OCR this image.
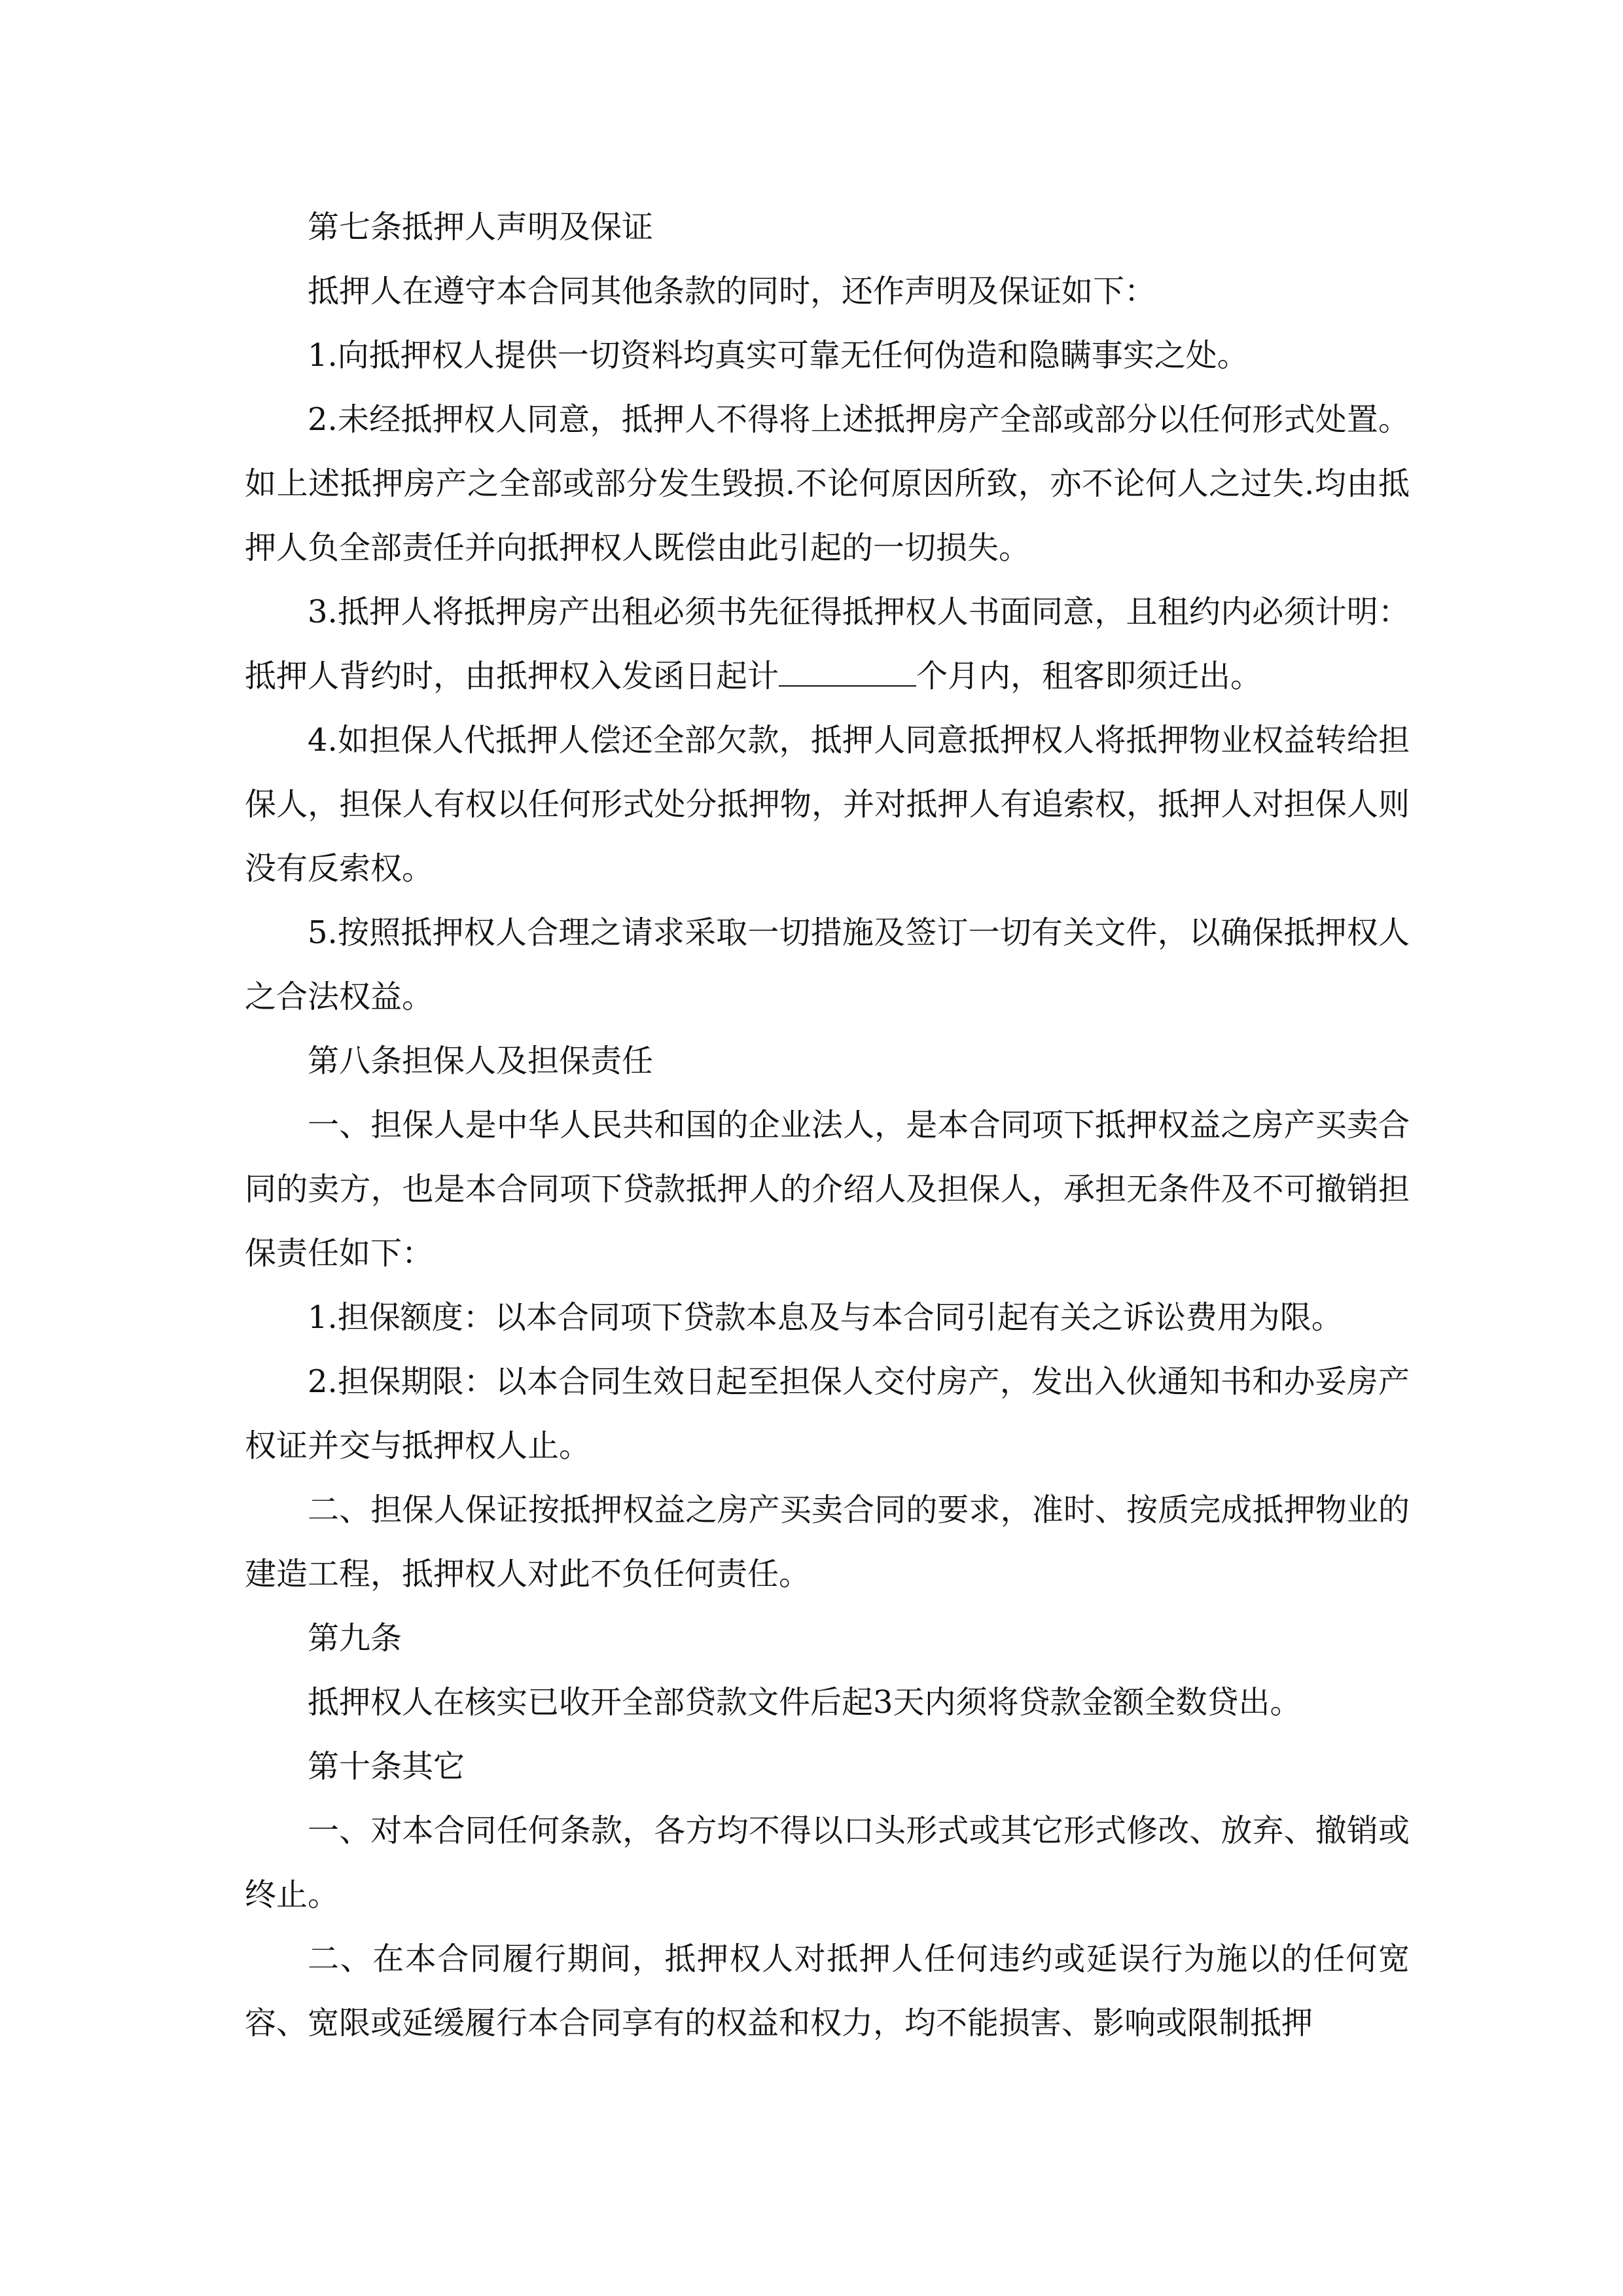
第七条抵押人声明及保证

抵押人在遵守本合同其他条款的同时，还作声明及保证如下：

1.向抵押权人提供一切资料均真实可靠无任何伪造和隐瞒事实之处。

2.未经抵押权人同意，抵押人不得将上述抵押房产全部或部分以任何形式处置。如上述抵押房产之全部或部分发生毁损.不论何原因所致，亦不论何人之过失.均由抵押人负全部责任并向抵押权人既偿由此引起的一切损失。

3.抵押人将抵押房产出租必须书先征得抵押权人书面同意，且租约内必须计明：抵押人背约时，由抵押权入发函日起计	个月内，租客即须迁出。

4.如担保人代抵押人偿还全部欠款，抵押人同意抵押权人将抵押物业权益转给担保人，担保人有权以任何形式处分抵押物，并对抵押人有追索权，抵押人对担保人则没有反索权。

5.按照抵押权人合理之请求采取一切措施及签订一切有关文件，以确保抵押权人之合法权益。

第八条担保人及担保责任

一、担保人是中华人民共和国的企业法人，是本合同项下抵押权益之房产买卖合同的卖方，也是本合同项下贷款抵押人的介绍人及担保人，承担无条件及不可撤销担保责任如下：

1.担保额度：以本合同项下贷款本息及与本合同引起有关之诉讼费用为限。

2.担保期限：以本合同生效日起至担保人交付房产，发出入伙通知书和办妥房产权证并交与抵押权人止。

二、担保人保证按抵押权益之房产买卖合同的要求，准时、按质完成抵押物业的建造工程，抵押权人对此不负任何责任。

第九条

抵押权人在核实已收开全部贷款文件后起3天内须将贷款金额全数贷出。

第十条其它

一、对本合同任何条款，各方均不得以口头形式或其它形式修改、放弃、撤销或终止。

二、在本合同履行期间，抵押权人对抵押人任何违约或延误行为施以的任何宽容、宽限或延缓履行本合同享有的权益和权力，均不能损害、影响或限制抵押
